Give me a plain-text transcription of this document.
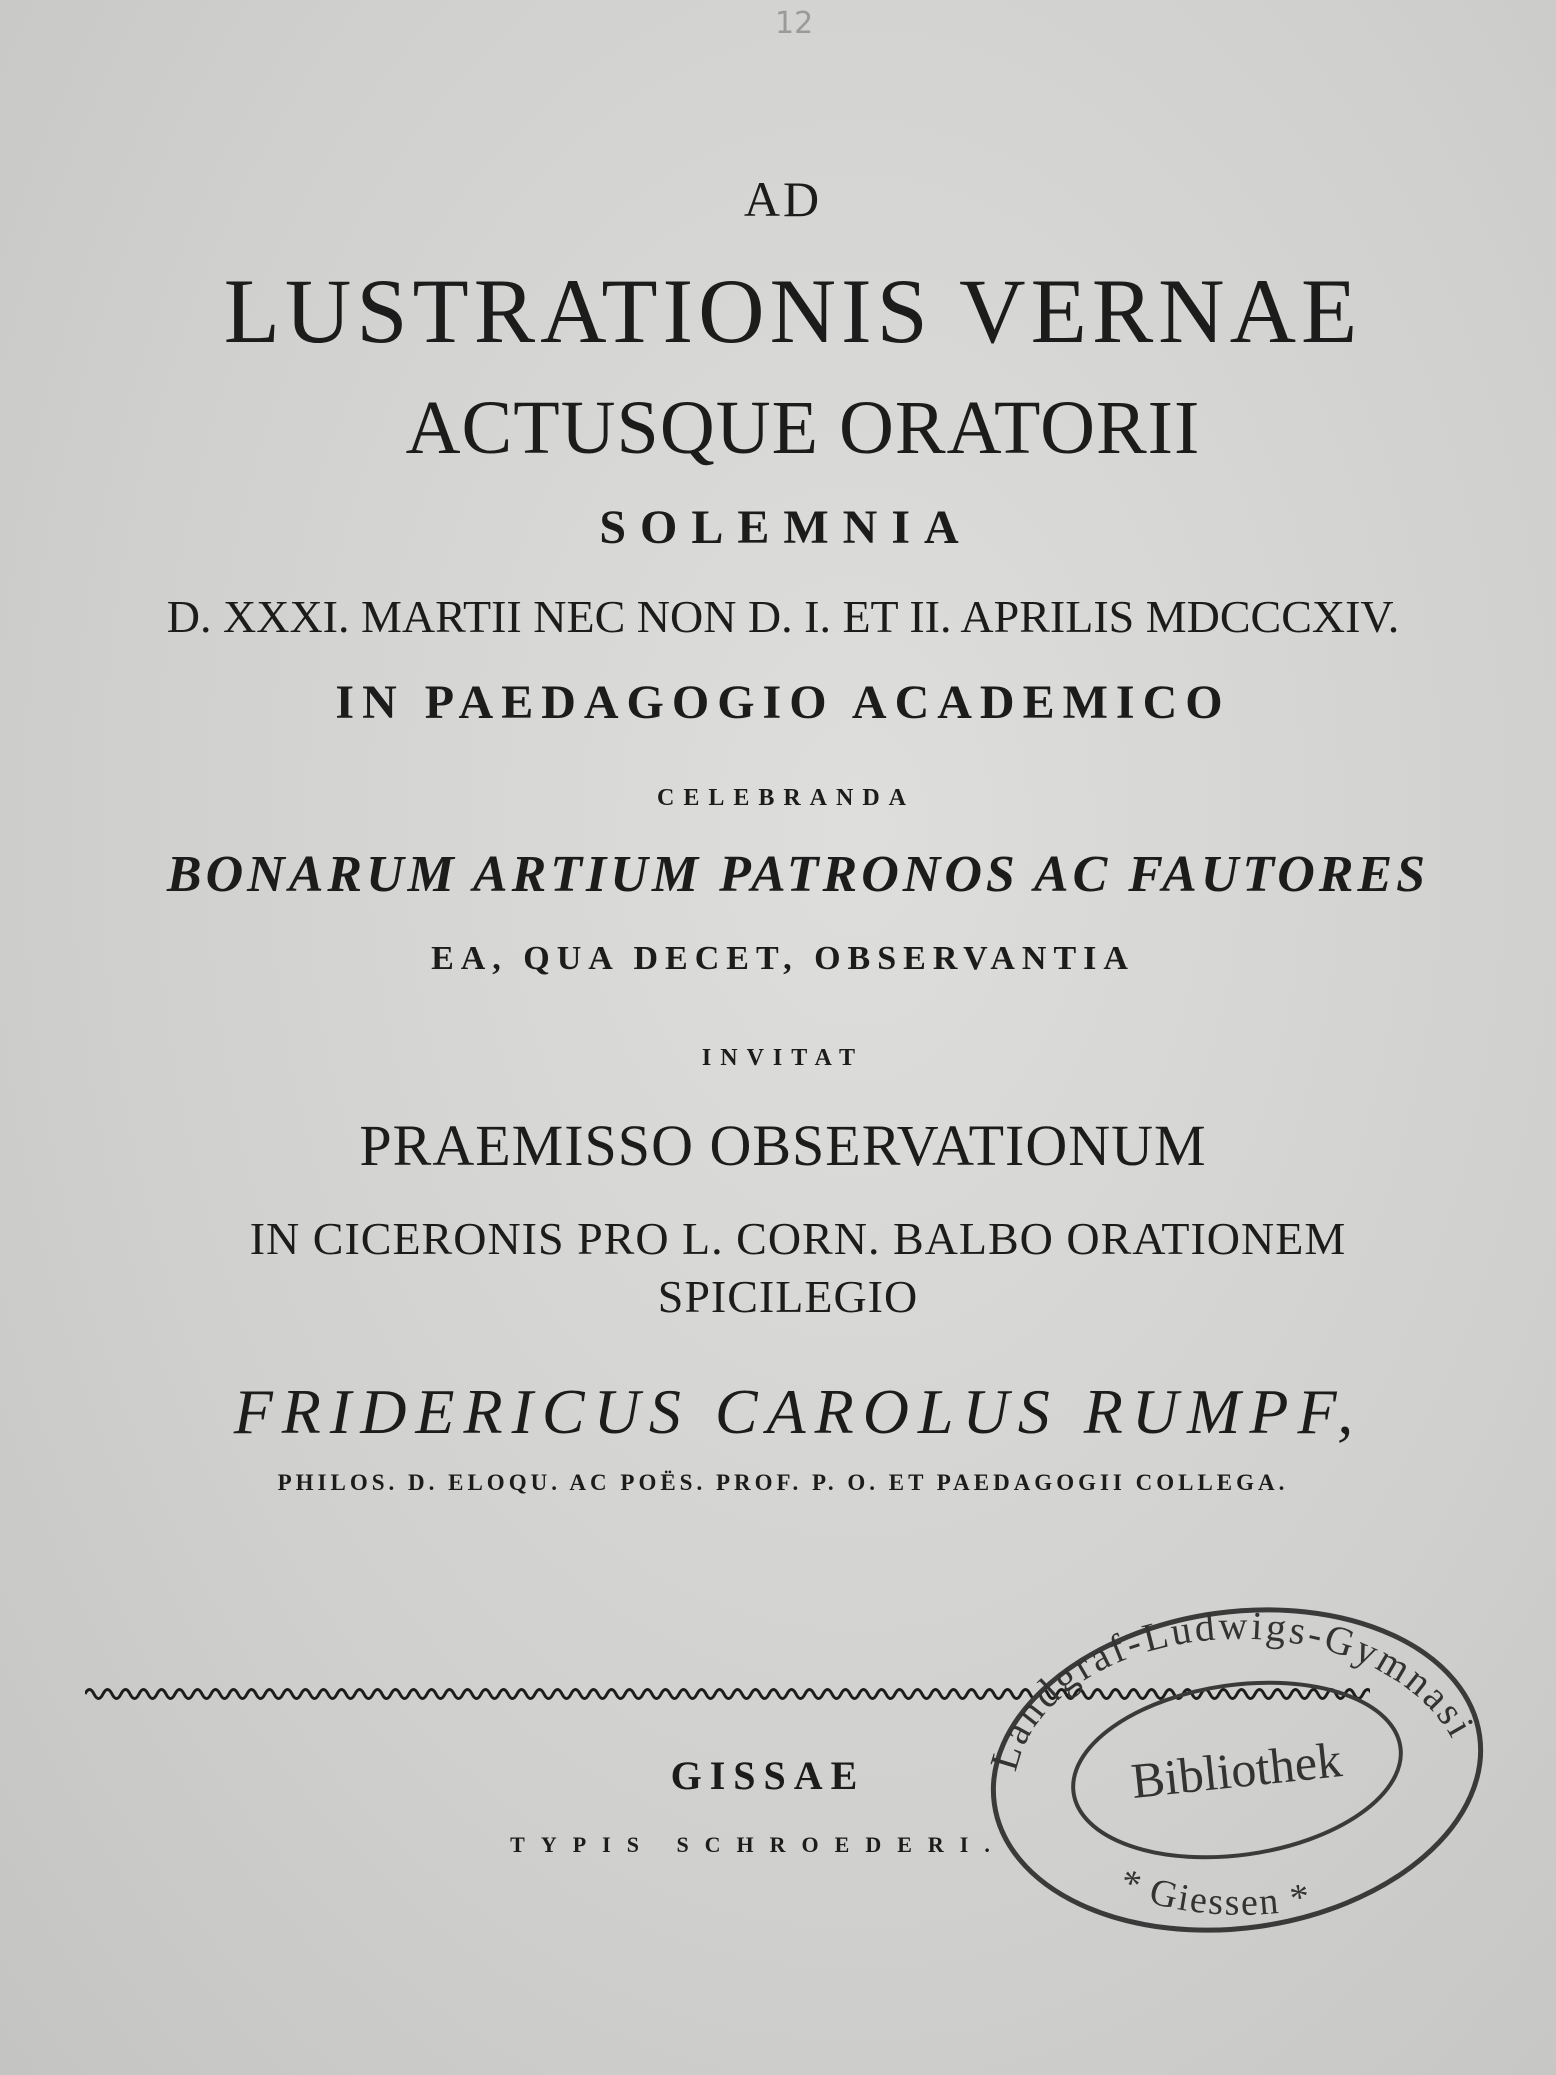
12
AD
LUSTRATIONIS VERNAE
ACTUSQUE ORATORII
SOLEMNIA
D. XXXI. MARTII NEC NON D. I. ET II. APRILIS MDCCCXIV.
IN PAEDAGOGIO ACADEMICO
CELEBRANDA
BONARUM ARTIUM PATRONOS AC FAUTORES
EA, QUA DECET, OBSERVANTIA
INVITAT
PRAEMISSO OBSERVATIONUM
IN CICERONIS PRO L. CORN. BALBO ORATIONEM
SPICILEGIO
FRIDERICUS CAROLUS RUMPF,
PHILOS. D. ELOQU. AC POËS. PROF. P. O. ET PAEDAGOGII COLLEGA.
GISSAE
TYPIS SCHROEDERI.
Landgraf-Ludwigs-Gymnasi
Bibliothek
* Giessen *
